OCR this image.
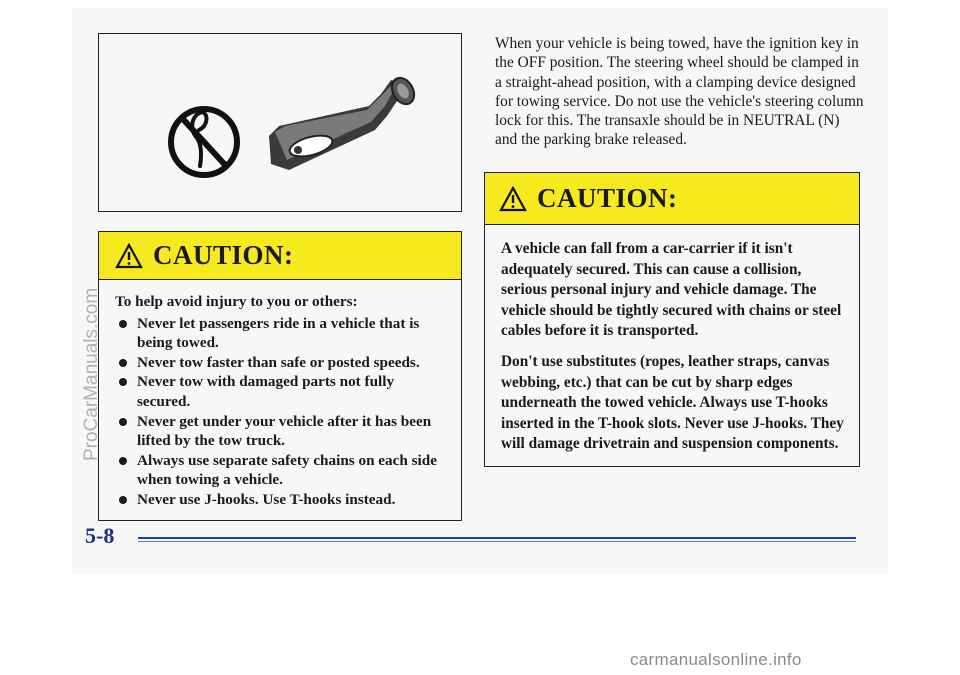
CAUTION:
To help avoid injury to you or others:
Never let passengers ride in a vehicle that is being towed.
Never tow faster than safe or posted speeds.
Never tow with damaged parts not fully secured.
Never get under your vehicle after it has been lifted by the tow truck.
Always use separate safety chains on each side when towing a vehicle.
Never use J-hooks. Use T-hooks instead.
When your vehicle is being towed, have the ignition key in the OFF position. The steering wheel should be clamped in a straight-ahead position, with a clamping device designed for towing service. Do not use the vehicle's steering column lock for this. The transaxle should be in NEUTRAL (N) and the parking brake released.
CAUTION:

A vehicle can fall from a car-carrier if it isn't adequately secured. This can cause a collision, serious personal injury and vehicle damage. The vehicle should be tightly secured with chains or steel cables before it is transported.

Don't use substitutes (ropes, leather straps, canvas webbing, etc.) that can be cut by sharp edges underneath the towed vehicle. Always use T-hooks inserted in the T-hook slots. Never use J-hooks. They will damage drivetrain and suspension components.

5-8
ProCarManuals.com
carmanualsonline.info
